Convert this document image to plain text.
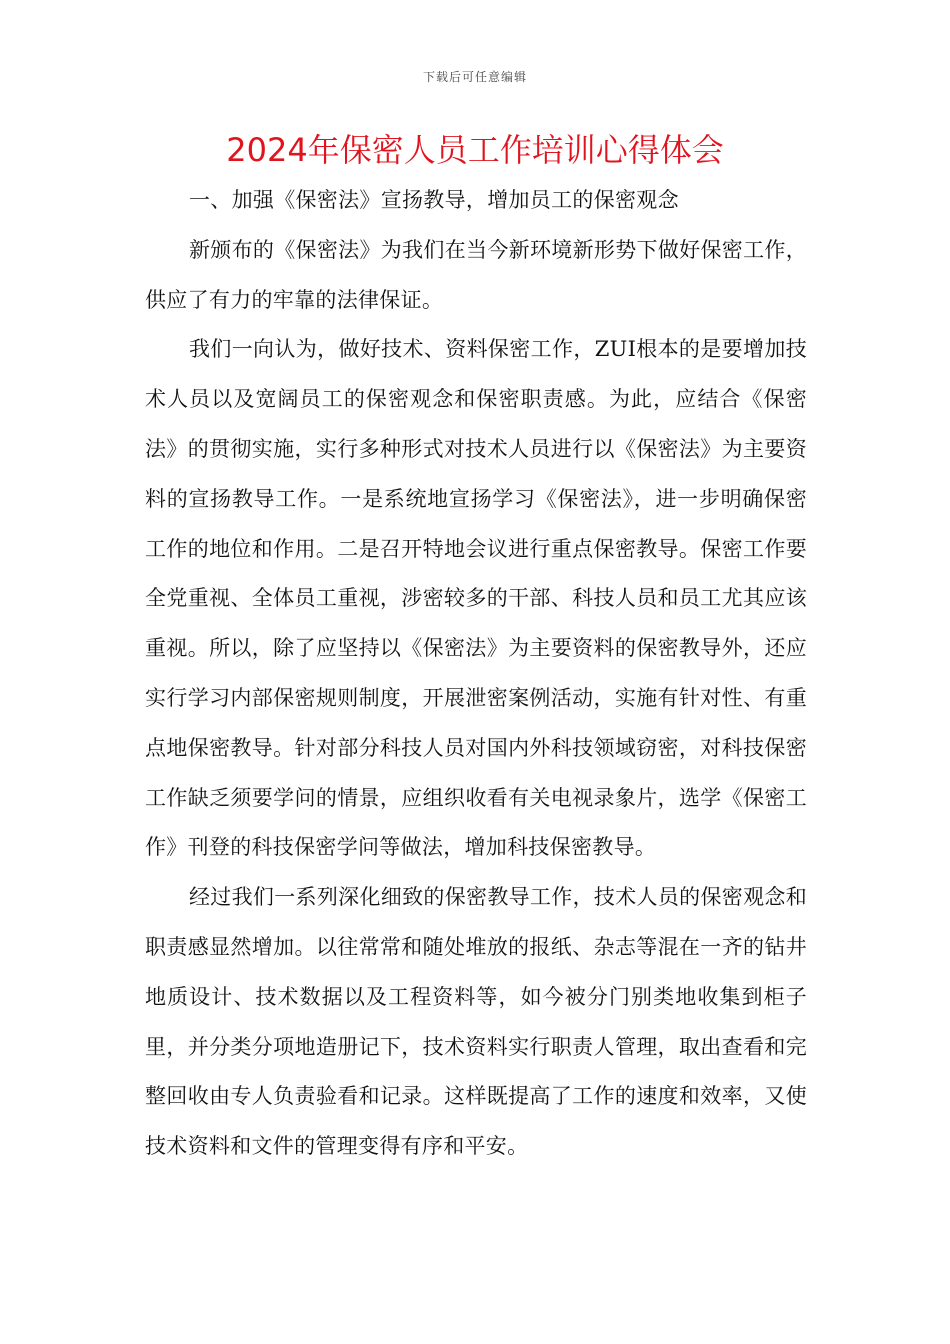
下载后可任意编辑
2024年保密人员工作培训心得体会

一、加强《保密法》宣扬教导，增加员工的保密观念

新颁布的《保密法》为我们在当今新环境新形势下做好保密工作，供应了有力的牢靠的法律保证。

我们一向认为，做好技术、资料保密工作，ZUI根本的是要增加技术人员以及宽阔员工的保密观念和保密职责感。为此，应结合《保密法》的贯彻实施，实行多种形式对技术人员进行以《保密法》为主要资料的宣扬教导工作。一是系统地宣扬学习《保密法》，进一步明确保密工作的地位和作用。二是召开特地会议进行重点保密教导。保密工作要全党重视、全体员工重视，涉密较多的干部、科技人员和员工尤其应该重视。所以，除了应坚持以《保密法》为主要资料的保密教导外，还应实行学习内部保密规则制度，开展泄密案例活动，实施有针对性、有重点地保密教导。针对部分科技人员对国内外科技领域窃密，对科技保密工作缺乏须要学问的情景，应组织收看有关电视录象片，选学《保密工作》刊登的科技保密学问等做法，增加科技保密教导。

经过我们一系列深化细致的保密教导工作，技术人员的保密观念和职责感显然增加。以往常常和随处堆放的报纸、杂志等混在一齐的钻井地质设计、技术数据以及工程资料等，如今被分门别类地收集到柜子里，并分类分项地造册记下，技术资料实行职责人管理，取出查看和完整回收由专人负责验看和记录。这样既提高了工作的速度和效率，又使技术资料和文件的管理变得有序和平安。
